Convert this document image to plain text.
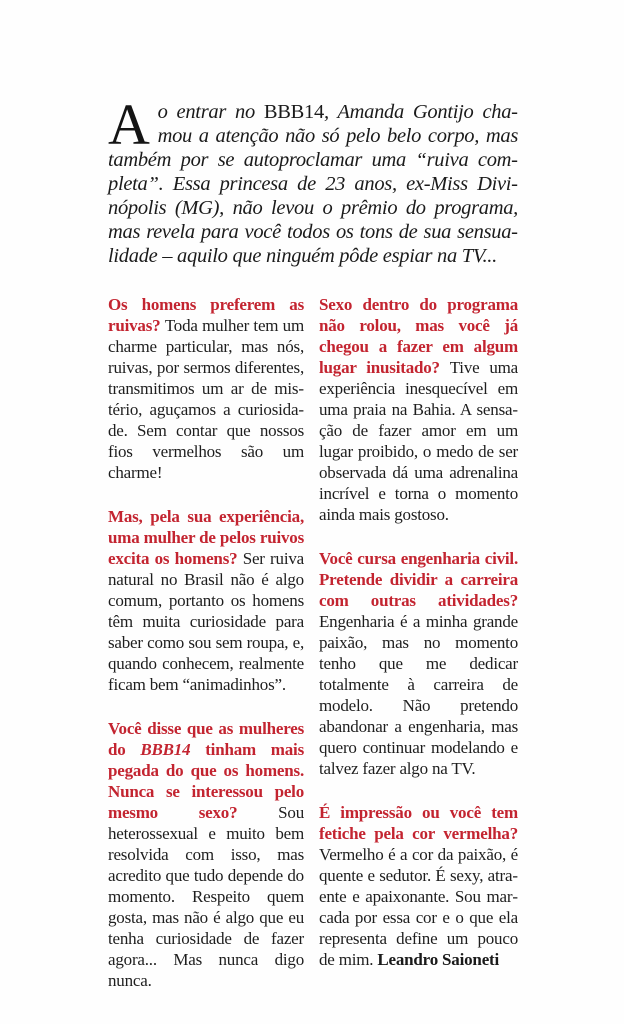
Ao entrar no BBB14, Amanda Gontijo chamou a atenção não só pelo belo corpo, mas também por se autoproclamar uma “ruiva completa”. Essa princesa de 23 anos, ex-Miss Divinópolis (MG), não levou o prêmio do programa, mas revela para você todos os tons de sua sensualidade – aquilo que ninguém pôde espiar na TV...

Os homens preferem as ruivas? Toda mulher tem um charme particular, mas nós, ruivas, por sermos diferentes, transmitimos um ar de mistério, aguçamos a curiosidade. Sem contar que nossos fios vermelhos são um charme!

Mas, pela sua experiência, uma mulher de pelos ruivos excita os homens? Ser ruiva natural no Brasil não é algo comum, portanto os homens têm muita curiosidade para saber como sou sem roupa, e, quando conhecem, realmente ficam bem “animadinhos”.

Você disse que as mulheres do BBB14 tinham mais pegada do que os homens. Nunca se interessou pelo mesmo sexo? Sou heterossexual e muito bem resolvida com isso, mas acredito que tudo depende do momento. Respeito quem gosta, mas não é algo que eu tenha curiosidade de fazer agora... Mas nunca digo nunca.

Sexo dentro do programa não rolou, mas você já chegou a fazer em algum lugar inusitado? Tive uma experiência inesquecível em uma praia na Bahia. A sensação de fazer amor em um lugar proibido, o medo de ser observada dá uma adrenalina incrível e torna o momento ainda mais gostoso.

Você cursa engenharia civil. Pretende dividir a carreira com outras atividades? Engenharia é a minha grande paixão, mas no momento tenho que me dedicar totalmente à carreira de modelo. Não pretendo abandonar a engenharia, mas quero continuar modelando e talvez fazer algo na TV.

É impressão ou você tem fetiche pela cor vermelha? Vermelho é a cor da paixão, é quente e sedutor. É sexy, atraente e apaixonante. Sou marcada por essa cor e o que ela representa define um pouco de mim. Leandro Saioneti
